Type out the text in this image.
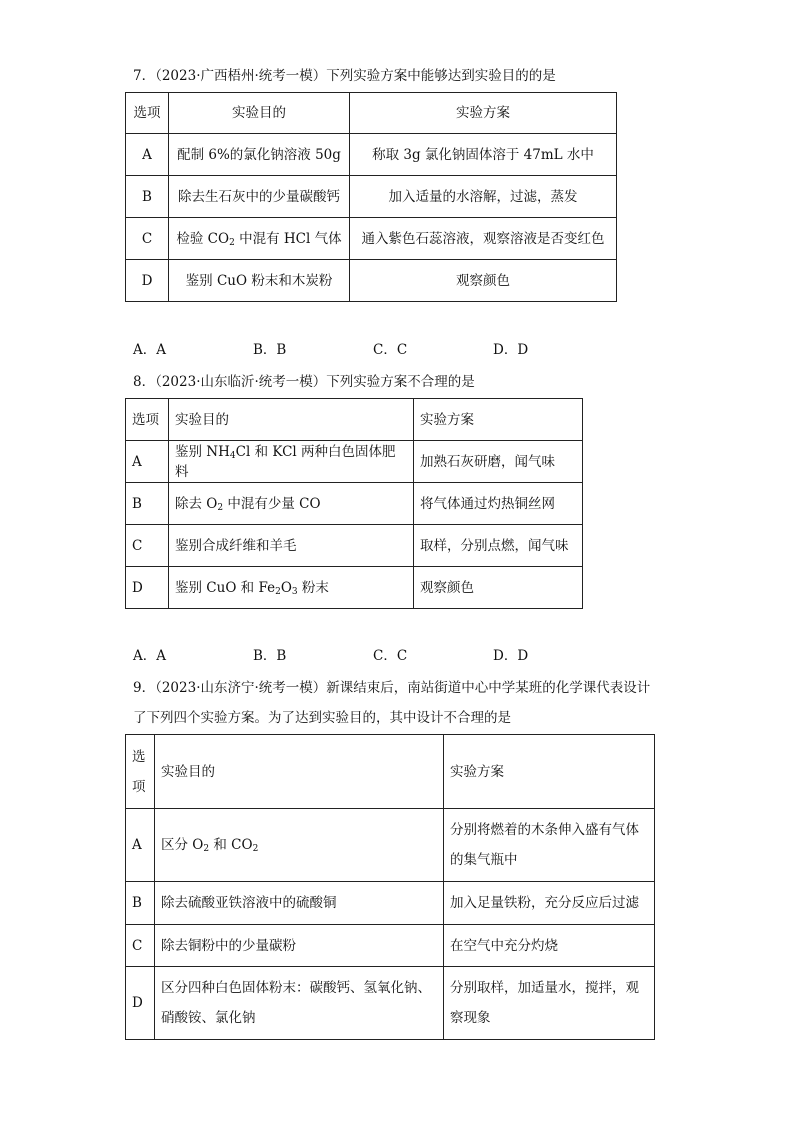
7．（2023·广西梧州·统考一模）下列实验方案中能够达到实验目的的是
选项	实验目的	实验方案
A	配制 6%的氯化钠溶液 50g	称取 3g 氯化钠固体溶于 47mL 水中
B	除去生石灰中的少量碳酸钙	加入适量的水溶解，过滤，蒸发
C	检验 $CO_2$ 中混有 HCl 气体	通入紫色石蕊溶液，观察溶液是否变红色
D	鉴别 CuO 粉末和木炭粉	观察颜色
A．A	B．B	C．C	D．D
8．（2023·山东临沂·统考一模）下列实验方案不合理的是
选项	实验目的	实验方案
A	鉴别 $NH_4Cl$ 和 KCl 两种白色固体肥料	加熟石灰研磨，闻气味
B	除去 $O_2$ 中混有少量 CO	将气体通过灼热铜丝网
C	鉴别合成纤维和羊毛	取样，分别点燃，闻气味
D	鉴别 CuO 和 $Fe_2O_3$ 粉末	观察颜色
A．A	B．B	C．C	D．D
9．（2023·山东济宁·统考一模）新课结束后，南站街道中心中学某班的化学课代表设计
了下列四个实验方案。为了达到实验目的，其中设计不合理的是
选项	实验目的	实验方案
A	区分 $O_2$ 和 $CO_2$	分别将燃着的木条伸入盛有气体的集气瓶中
B	除去硫酸亚铁溶液中的硫酸铜	加入足量铁粉，充分反应后过滤
C	除去铜粉中的少量碳粉	在空气中充分灼烧
D	区分四种白色固体粉末：碳酸钙、氢氧化钠、硝酸铵、氯化钠	分别取样，加适量水，搅拌，观察现象
